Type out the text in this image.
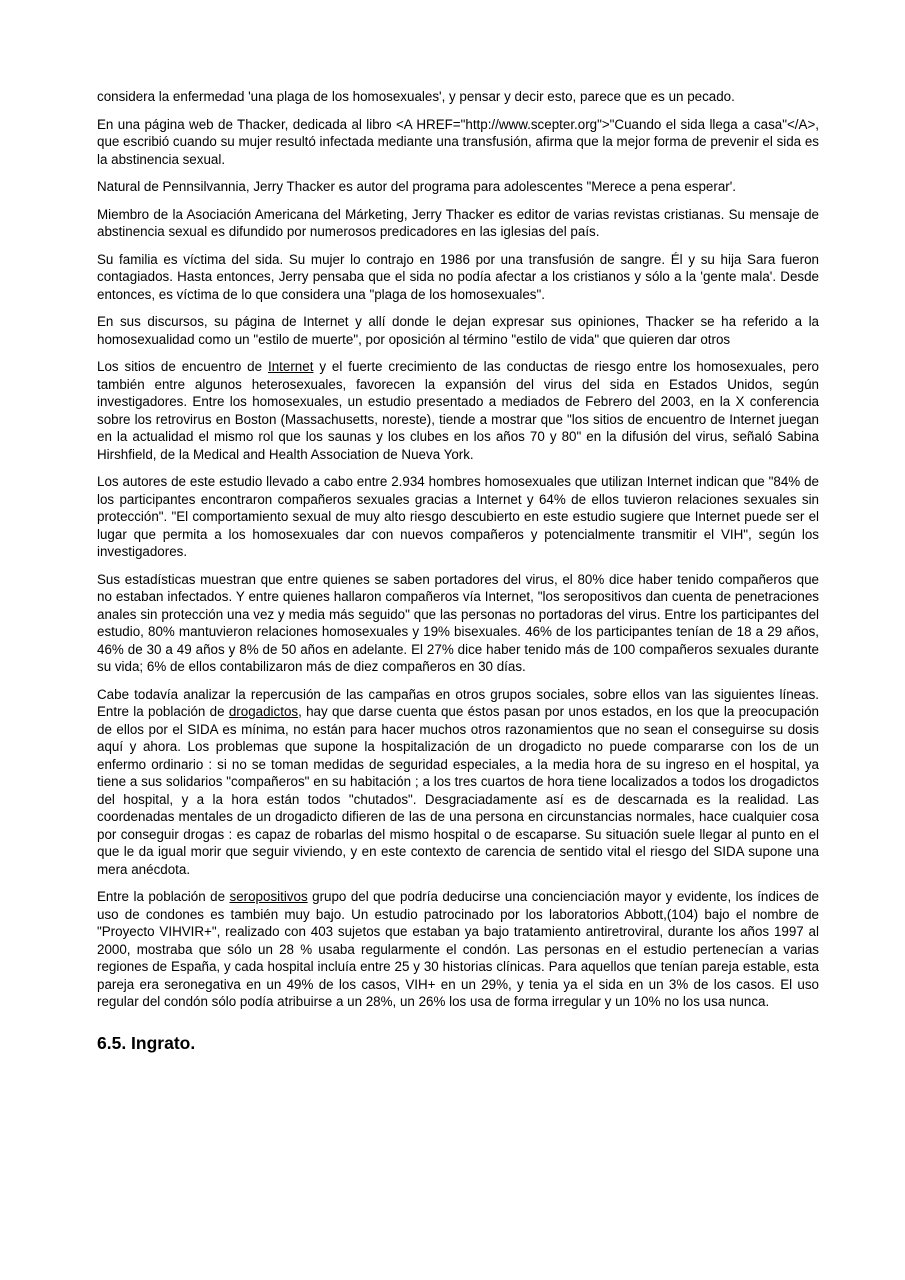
considera la enfermedad 'una plaga de los homosexuales', y pensar y decir esto, parece que es un pecado.

En una página web de Thacker, dedicada al libro <A HREF="http://www.scepter.org">"Cuando el sida llega a casa"</A>, que escribió cuando su mujer resultó infectada mediante una transfusión, afirma que la mejor forma de prevenir el sida es la abstinencia sexual.

Natural de Pennsilvannia, Jerry Thacker es autor del programa para adolescentes "Merece a pena esperar'.

Miembro de la Asociación Americana del Márketing, Jerry Thacker es editor de varias revistas cristianas. Su mensaje de abstinencia sexual es difundido por numerosos predicadores en las iglesias del país.

Su familia es víctima del sida. Su mujer lo contrajo en 1986 por una transfusión de sangre. Él y su hija Sara fueron contagiados. Hasta entonces, Jerry pensaba que el sida no podía afectar a los cristianos y sólo a la 'gente mala'. Desde entonces, es víctima de lo que considera una "plaga de los homosexuales".

En sus discursos, su página de Internet y allí donde le dejan expresar sus opiniones, Thacker se ha referido a la homosexualidad como un "estilo de muerte", por oposición al término "estilo de vida" que quieren dar otros

Los sitios de encuentro de Internet y el fuerte crecimiento de las conductas de riesgo entre los homosexuales, pero también entre algunos heterosexuales, favorecen la expansión del virus del sida en Estados Unidos, según investigadores. Entre los homosexuales, un estudio presentado a mediados de Febrero del 2003, en la X conferencia sobre los retrovirus en Boston (Massachusetts, noreste), tiende a mostrar que "los sitios de encuentro de Internet juegan en la actualidad el mismo rol que los saunas y los clubes en los años 70 y 80" en la difusión del virus, señaló Sabina Hirshfield, de la Medical and Health Association de Nueva York.

Los autores de este estudio llevado a cabo entre 2.934 hombres homosexuales que utilizan Internet indican que "84% de los participantes encontraron compañeros sexuales gracias a Internet y 64% de ellos tuvieron relaciones sexuales sin protección". "El comportamiento sexual de muy alto riesgo descubierto en este estudio sugiere que Internet puede ser el lugar que permita a los homosexuales dar con nuevos compañeros y potencialmente transmitir el VIH", según los investigadores.

Sus estadísticas muestran que entre quienes se saben portadores del virus, el 80% dice haber tenido compañeros que no estaban infectados. Y entre quienes hallaron compañeros vía Internet, "los seropositivos dan cuenta de penetraciones anales sin protección una vez y media más seguido" que las personas no portadoras del virus. Entre los participantes del estudio, 80% mantuvieron relaciones homosexuales y 19% bisexuales. 46% de los participantes tenían de 18 a 29 años, 46% de 30 a 49 años y 8% de 50 años en adelante. El 27% dice haber tenido más de 100 compañeros sexuales durante su vida; 6% de ellos contabilizaron más de diez compañeros en 30 días.

Cabe todavía analizar la repercusión de las campañas en otros grupos sociales, sobre ellos van las siguientes líneas. Entre la población de drogadictos, hay que darse cuenta que éstos pasan por unos estados, en los que la preocupación de ellos por el SIDA es mínima, no están para hacer muchos otros razonamientos que no sean el conseguirse su dosis aquí y ahora. Los problemas que supone la hospitalización de un drogadicto no puede compararse con los de un enfermo ordinario : si no se toman medidas de seguridad especiales, a la media hora de su ingreso en el hospital, ya tiene a sus solidarios "compañeros" en su habitación ; a los tres cuartos de hora tiene localizados a todos los drogadictos del hospital, y a la hora están todos "chutados". Desgraciadamente así es de descarnada es la realidad. Las coordenadas mentales de un drogadicto difieren de las de una persona en circunstancias normales, hace cualquier cosa por conseguir drogas : es capaz de robarlas del mismo hospital o de escaparse. Su situación suele llegar al punto en el que le da igual morir que seguir viviendo, y en este contexto de carencia de sentido vital el riesgo del SIDA supone una mera anécdota.

Entre la población de seropositivos grupo del que podría deducirse una concienciación mayor y evidente, los índices de uso de condones es también muy bajo. Un estudio patrocinado por los laboratorios Abbott,(104) bajo el nombre de "Proyecto VIHVIR+", realizado con 403 sujetos que estaban ya bajo tratamiento antiretroviral, durante los años 1997 al 2000, mostraba que sólo un 28 % usaba regularmente el condón. Las personas en el estudio pertenecían a varias regiones de España, y cada hospital incluía entre 25 y 30 historias clínicas. Para aquellos que tenían pareja estable, esta pareja era seronegativa en un 49% de los casos, VIH+ en un 29%, y tenia ya el sida en un 3% de los casos. El uso regular del condón sólo podía atribuirse a un 28%, un 26% los usa de forma irregular y un 10% no los usa nunca.

6.5. Ingrato.
